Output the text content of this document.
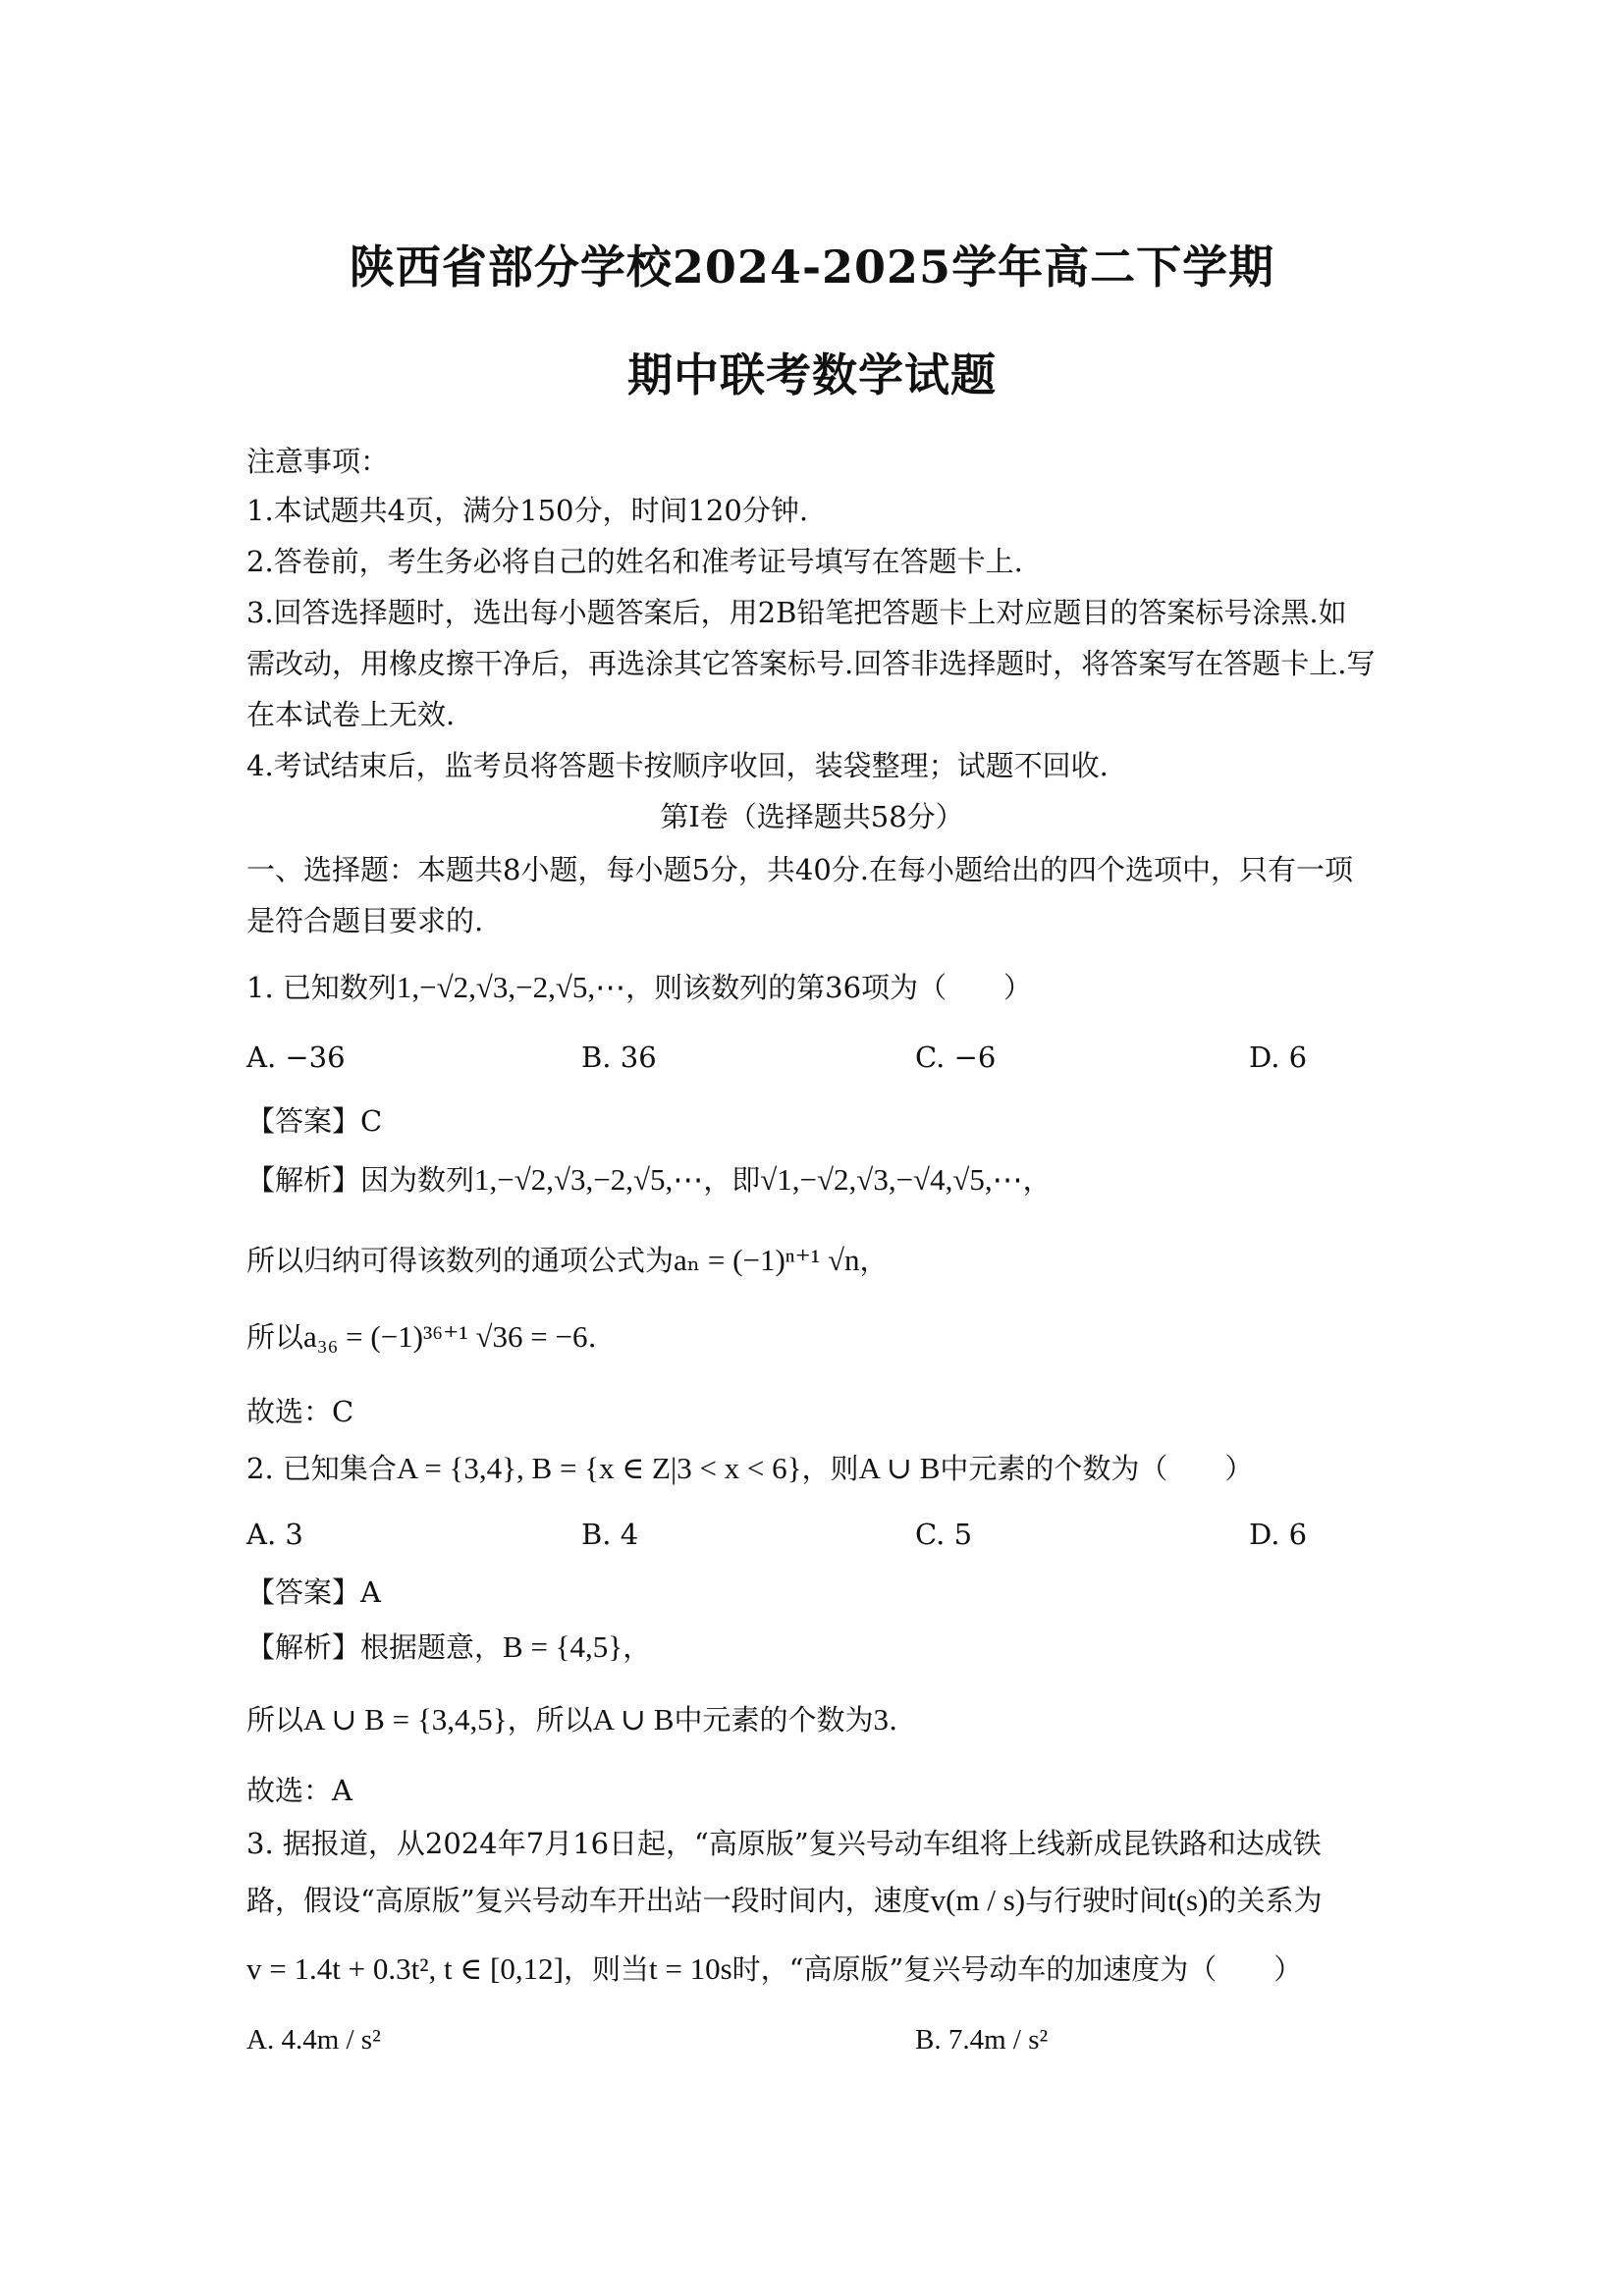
陕西省部分学校2024-2025学年高二下学期
期中联考数学试题
注意事项：
1.本试题共4页，满分150分，时间120分钟.
2.答卷前，考生务必将自己的姓名和准考证号填写在答题卡上.
3.回答选择题时，选出每小题答案后，用2B铅笔把答题卡上对应题目的答案标号涂黑.如
需改动，用橡皮擦干净后，再选涂其它答案标号.回答非选择题时，将答案写在答题卡上.写
在本试卷上无效.
4.考试结束后，监考员将答题卡按顺序收回，装袋整理；试题不回收.
第Ⅰ卷（选择题共58分）
一、选择题：本题共8小题，每小题5分，共40分.在每小题给出的四个选项中，只有一项
是符合题目要求的.
1. 已知数列1,−√2,√3,−2,√5,⋯，则该数列的第36项为（　　）
A. −36	B. 36	C. −6	D. 6
【答案】C
【解析】因为数列1,−√2,√3,−2,√5,⋯，即√1,−√2,√3,−√4,√5,⋯，
所以归纳可得该数列的通项公式为aₙ = (−1)ⁿ⁺¹ √n，
所以a₃₆ = (−1)³⁶⁺¹ √36 = −6.
故选：C
2. 已知集合A = {3,4}, B = {x ∈ Z|3 < x < 6}，则A ∪ B中元素的个数为（　　）
A. 3	B. 4	C. 5	D. 6
【答案】A
【解析】根据题意，B = {4,5}，
所以A ∪ B = {3,4,5}，所以A ∪ B中元素的个数为3.
故选：A
3. 据报道，从2024年7月16日起，“高原版”复兴号动车组将上线新成昆铁路和达成铁
路，假设“高原版”复兴号动车开出站一段时间内，速度v(m / s)与行驶时间t(s)的关系为
v = 1.4t + 0.3t², t ∈ [0,12]，则当t = 10s时，“高原版”复兴号动车的加速度为（　　）
A. 4.4m / s²	B. 7.4m / s²
